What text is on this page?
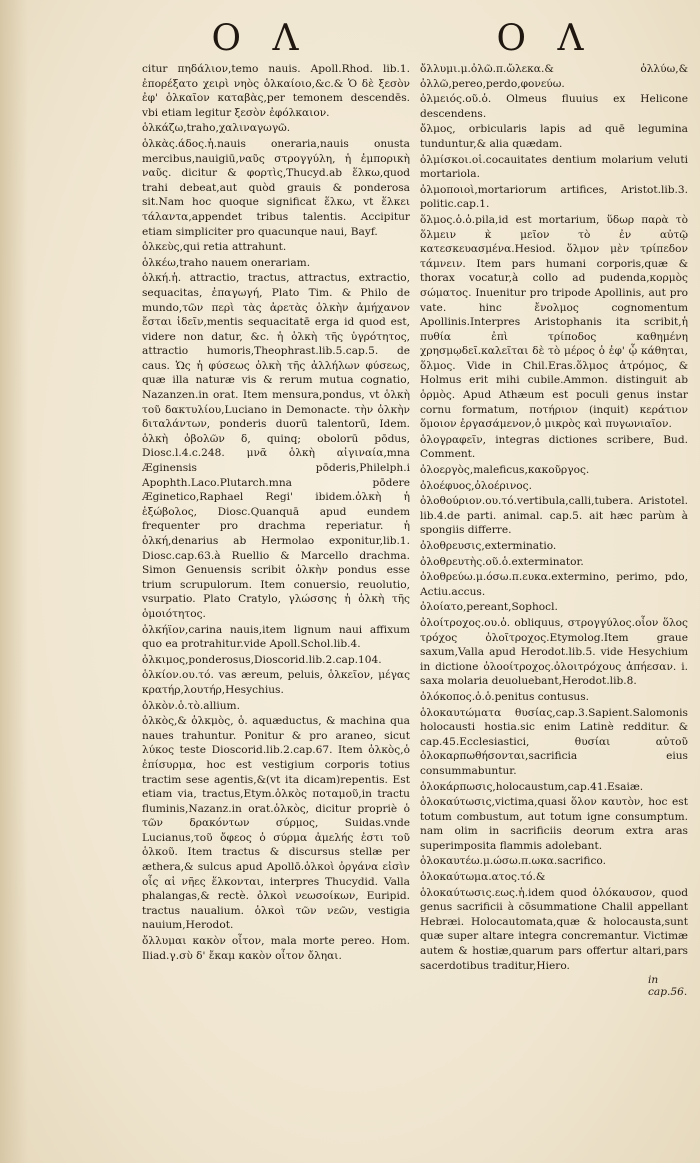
Ο Λ	Ο Λ

citur πηδάλιον,temo nauis. Apoll.Rhod. lib.1. ἐπορέξατο χειρὶ νηὸς ὁλκαίοιο,&c.& Ὁ δὲ ξεσὸν ἐφ' ὁλκαῖον καταβὰς,per temonem descendēs. vbi etiam legitur ξεσὸν ἐφόλκαιον.

ὁλκάζω,traho,χαλιναγωγῶ.

ὁλκὰς.άδος.ἡ.nauis oneraria,nauis onusta mercibus,nauigiū,ναῦς στρογγύλη, ἡ ἐμπορικὴ ναῦς. dicitur & φορτὶς,Thucyd.ab ἕλκω,quod trahi debeat,aut quòd grauis & ponderosa sit.Nam hoc quoque significat ἕλκω, vt ἕλκει τάλαντα,appendet tribus talentis. Accipitur etiam simpliciter pro quacunque naui, Bayf.

ὁλκεὺς,qui retia attrahunt.

ὁλκέω,traho nauem onerariam.

ὁλκή.ἡ. attractio, tractus, attractus, extractio, sequacitas, ἐπαγωγή, Plato Tim. & Philo de mundo,τῶν περὶ τὰς ἀρετὰς ὁλκὴν ἀμήχανον ἔσται ἰδεῖν,mentis sequacitatē erga id quod est, videre non datur, &c. ἡ ὁλκὴ τῆς ὑγρότητος, attractio humoris,Theophrast.lib.5.cap.5. de caus. Ὡς ἡ φύσεως ὁλκὴ τῆς ἀλλήλων φύσεως, quæ illa naturæ vis & rerum mutua cognatio, Nazanzen.in orat. Item mensura,pondus, vt ὁλκὴ τοῦ δακτυλίου,Luciano in Demonacte. τὴν ὁλκὴν διταλάντων, ponderis duorū talentorū, Idem. ὁλκὴ ὀβολῶν δ, quinq; obolorū pōdus, Diosc.l.4.c.248. μνᾶ ὁλκὴ αἰγιναία,mna Æginensis pōderis,Philelph.i Apophth.Laco.Plutarch.mna pōdere Æginetico,Raphael Regi' ibidem.ὁλκὴ ἡ ἑξώβολος, Diosc.Quanquā apud eundem frequenter pro drachma reperiatur. ἡ ὁλκή,denarius ab Hermolao exponitur,lib.1. Diosc.cap.63.à Ruellio & Marcello drachma. Simon Genuensis scribit ὁλκὴν pondus esse trium scrupulorum. Item conuersio, reuolutio, vsurpatio. Plato Cratylo, γλώσσης ἡ ὁλκὴ τῆς ὁμοιότητος.

ὁλκήϊον,carina nauis,item lignum naui affixum quo ea protrahitur.vide Apoll.Schol.lib.4.

ὁλκιμος,ponderosus,Dioscorid.lib.2.cap.104.

ὁλκίον.ου.τό. vas æreum, peluis, ὁλκεῖον, μέγας κρατήρ,λουτήρ,Hesychius.

ὁλκὸν.ὁ.τὸ.allium.

ὁλκὸς,& ὁλκμὸς, ὁ. aquæductus, & machina qua naues trahuntur. Ponitur & pro araneo, sicut λύκος teste Dioscorid.lib.2.cap.67. Item ὁλκὸς,ὁ ἐπίσυρμα, hoc est vestigium corporis totius tractim sese agentis,&(vt ita dicam)repentis. Est etiam via, tractus,Etym.ὁλκὸς ποταμοῦ,in tractu fluminis,Nazanz.in orat.ὁλκὸς, dicitur propriè ὁ τῶν δρακόντων σύρμος, Suidas.vnde Lucianus,τοῦ ὄφεος ὁ σύρμα ἀμελής ἐστι τοῦ ὁλκοῦ. Item tractus & discursus stellæ per æthera,& sulcus apud Apollō.ὁλκοὶ ὀργάνα εἰσὶν οἷς αἱ νῆες ἕλκονται, interpres Thucydid. Valla phalangas,& rectè. ὁλκοὶ νεωσοίκων, Euripid. tractus naualium. ὁλκοὶ τῶν νεῶν, vestigia nauium,Herodot.

ὄλλυμαι κακὸν οἶτον, mala morte pereo. Hom. Iliad.γ.σὺ δ' ἔκαμ κακὸν οἶτον ὄληαι.

ὄλλυμι.μ.ὀλῶ.π.ὤλεκα.& ὀλλύω,& ὀλλῶ,pereo,perdo,φονεύω.

ὀλμειός.οῦ.ὁ. Olmeus fluuius ex Helicone descendens.

ὄλμος, orbicularis lapis ad quē legumina tunduntur,& alia quædam.

ὀλμίσκοι.οἱ.cocauitates dentium molarium veluti mortariola.

ὀλμοποιοὶ,mortariorum artifices, Aristot.lib.3. politic.cap.1.

ὅλμος.ὁ.ὁ.pila,id est mortarium, ὕδωρ παρὰ τὸ ὅλμειν κ̀ μεῖον τὸ ἐν αὐτῷ κατεσκευασμένα.Hesiod. ὅλμον μὲν τρίπεδον τάμνειν. Item pars humani corporis,quæ & thorax vocatur,à collo ad pudenda,κορμὸς σώματος. Inuenitur pro tripode Apollinis, aut pro vate. hinc ἔνολμος cognomentum Apollinis.Interpres Aristophanis ita scribit,ἡ πυθία ἐπὶ τρίποδος καθημένη χρησμῳδεῖ.καλεῖται δὲ τὸ μέρος ὁ ἐφ' ᾧ κάθηται, ὅλμος. Vide in Chil.Eras.ὅλμος ἀτρόμος, & Holmus erit mihi cubile.Ammon. distinguit ab ὁρμὸς. Apud Athæum est poculi genus instar cornu formatum, ποτήριον (inquit) κεράτιον ὅμοιον ἐργασάμενον,ὁ μικρὸς καὶ πυγωνιαῖον.

ὁλογραφεῖν, integras dictiones scribere, Bud. Comment.

ὀλοεργὸς,maleficus,κακοῦργος.

ὀλοέφυος,ὀλοέρινος.

ὀλοθούριον.ου.τό.vertibula,calli,tubera. Aristotel. lib.4.de parti. animal. cap.5. ait hæc parùm à spongiis differre.

ὀλοθρευσις,exterminatio.

ὀλοθρευτὴς.οῦ.ὁ.exterminator.

ὀλοθρεύω.μ.όσω.π.ευκα.extermino, perimo, pdo, Actiu.accus.

ὀλοίατο,pereant,Sophocl.

ὀλοίτροχος.ου.ὁ. obliquus, στρογγύλος.οἷον ὅλος τρόχος ὁλοῖτροχος.Etymolog.Item graue saxum,Valla apud Herodot.lib.5. vide Hesychium in dictione ὀλοοίτροχος.ὀλοιτρόχους ἀπήεσαν. i. saxa molaria deuoluebant,Herodot.lib.8.

ὀλόκοπος.ὁ.ὁ.penitus contusus.

ὁλοκαυτώματα θυσίας,cap.3.Sapient.Salomonis holocausti hostia.sic enim Latinè redditur. & cap.45.Ecclesiastici, θυσίαι αὐτοῦ ὁλοκαρπωθήσονται,sacrificia eius consummabuntur.

ὁλοκάρπωσις,holocaustum,cap.41.Esaiæ.

ὁλοκαύτωσις,victima,quasi ὅλον καυτὸν, hoc est totum combustum, aut totum igne consumptum. nam olim in sacrificiis deorum extra aras superimposita flammis adolebant.

ὁλοκαυτέω.μ.ώσω.π.ωκα.sacrifico.

ὁλοκαύτωμα.ατος.τό.&

ὁλοκαύτωσις.εως.ἡ.idem quod ὁλόκαυσον, quod genus sacrificii à cōsummatione Chalil appellant Hebræi. Holocautomata,quæ & holocausta,sunt quæ super altare integra concremantur. Victimæ autem & hostiæ,quarum pars offertur altari,pars sacerdotibus traditur,Hiero.

in cap.56.
